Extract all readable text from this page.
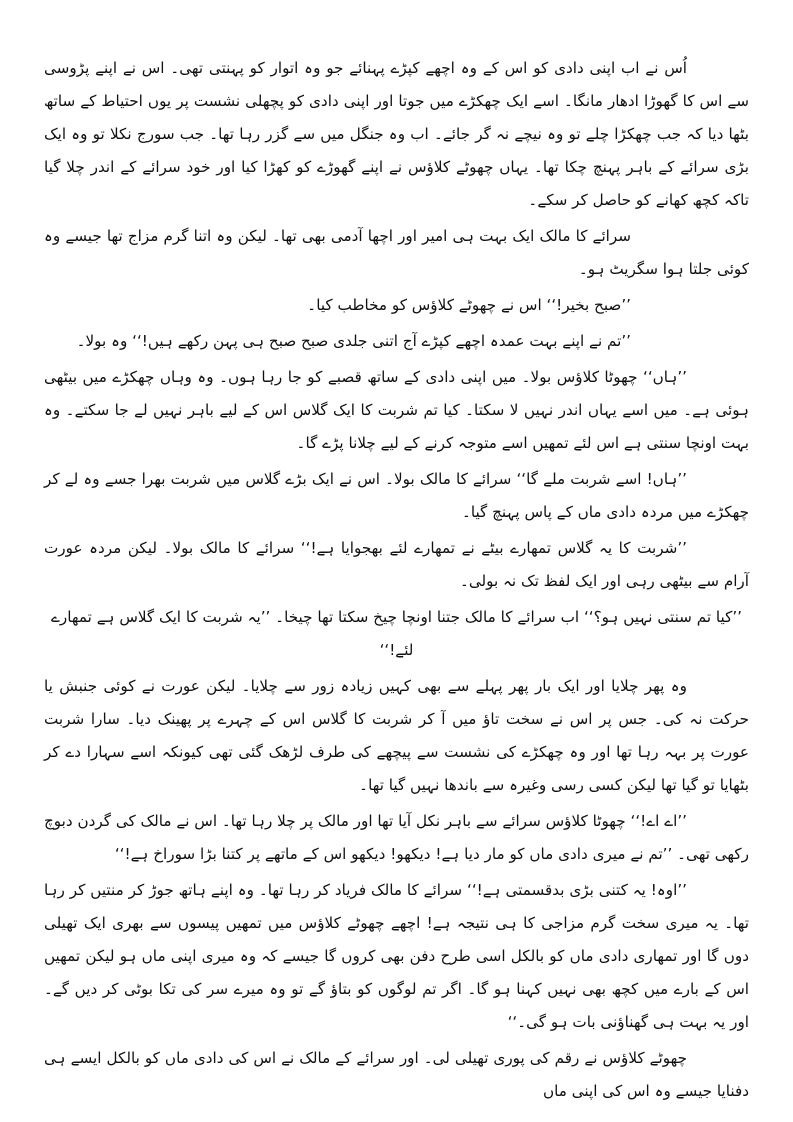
اُس نے اب اپنی دادی کو اس کے وہ اچھے کپڑے پہنائے جو وہ اتوار کو پہنتی تھی۔ اس نے اپنے پڑوسی سے اس کا گھوڑا ادھار مانگا۔ اسے ایک چھکڑے میں جوتا اور اپنی دادی کو پچھلی نشست پر یوں احتیاط کے ساتھ بٹھا دیا کہ جب چھکڑا چلے تو وہ نیچے نہ گر جائے۔ اب وہ جنگل میں سے گزر رہا تھا۔ جب سورج نکلا تو وہ ایک بڑی سرائے کے باہر پہنچ چکا تھا۔ یہاں چھوٹے کلاؤس نے اپنے گھوڑے کو کھڑا کیا اور خود سرائے کے اندر چلا گیا تاکہ کچھ کھانے کو حاصل کر سکے۔

سرائے کا مالک ایک بہت ہی امیر اور اچھا آدمی بھی تھا۔ لیکن وہ اتنا گرم مزاج تھا جیسے وہ کوئی جلتا ہوا سگریٹ ہو۔

’’صبح بخیر!‘‘ اس نے چھوٹے کلاؤس کو مخاطب کیا۔

’’تم نے اپنے بہت عمدہ اچھے کپڑے آج اتنی جلدی صبح صبح ہی پہن رکھے ہیں!‘‘ وہ بولا۔

’’ہاں‘‘ چھوٹا کلاؤس بولا۔ میں اپنی دادی کے ساتھ قصبے کو جا رہا ہوں۔ وہ وہاں چھکڑے میں بیٹھی ہوئی ہے۔ میں اسے یہاں اندر نہیں لا سکتا۔ کیا تم شربت کا ایک گلاس اس کے لیے باہر نہیں لے جا سکتے۔ وہ بہت اونچا سنتی ہے اس لئے تمھیں اسے متوجہ کرنے کے لیے چلانا پڑے گا۔

’’ہاں! اسے شربت ملے گا‘‘ سرائے کا مالک بولا۔ اس نے ایک بڑے گلاس میں شربت بھرا جسے وہ لے کر چھکڑے میں مردہ دادی ماں کے پاس پہنچ گیا۔

’’شربت کا یہ گلاس تمھارے بیٹے نے تمھارے لئے بھجوایا ہے!‘‘ سرائے کا مالک بولا۔ لیکن مردہ عورت آرام سے بیٹھی رہی اور ایک لفظ تک نہ بولی۔

’’کیا تم سنتی نہیں ہو؟‘‘ اب سرائے کا مالک جتنا اونچا چیخ سکتا تھا چیخا۔ ’’یہ شربت کا ایک گلاس ہے تمھارے لئے!‘‘

وہ پھر چلایا اور ایک بار پھر پہلے سے بھی کہیں زیادہ زور سے چلایا۔ لیکن عورت نے کوئی جنبش یا حرکت نہ کی۔ جس پر اس نے سخت تاؤ میں آ کر شربت کا گلاس اس کے چہرے پر پھینک دیا۔ سارا شربت عورت پر بہہ رہا تھا اور وہ چھکڑے کی نشست سے پیچھے کی طرف لڑھک گئی تھی کیونکہ اسے سہارا دے کر بٹھایا تو گیا تھا لیکن کسی رسی وغیرہ سے باندھا نہیں گیا تھا۔

’’اے اے!‘‘ چھوٹا کلاؤس سرائے سے باہر نکل آیا تھا اور مالک پر چلا رہا تھا۔ اس نے مالک کی گردن دبوچ رکھی تھی۔ ’’تم نے میری دادی ماں کو مار دیا ہے! دیکھو! دیکھو اس کے ماتھے پر کتنا بڑا سوراخ ہے!‘‘

’’اوہ! یہ کتنی بڑی بدقسمتی ہے!‘‘ سرائے کا مالک فریاد کر رہا تھا۔ وہ اپنے ہاتھ جوڑ کر منتیں کر رہا تھا۔ یہ میری سخت گرم مزاجی کا ہی نتیجہ ہے! اچھے چھوٹے کلاؤس میں تمھیں پیسوں سے بھری ایک تھیلی دوں گا اور تمھاری دادی ماں کو بالکل اسی طرح دفن بھی کروں گا جیسے کہ وہ میری اپنی ماں ہو لیکن تمھیں اس کے بارے میں کچھ بھی نہیں کہنا ہو گا۔ اگر تم لوگوں کو بتاؤ گے تو وہ میرے سر کی تکا بوٹی کر دیں گے۔ اور یہ بہت ہی گھناؤنی بات ہو گی۔‘‘

چھوٹے کلاؤس نے رقم کی پوری تھیلی لی۔ اور سرائے کے مالک نے اس کی دادی ماں کو بالکل ایسے ہی دفنایا جیسے وہ اس کی اپنی ماں
